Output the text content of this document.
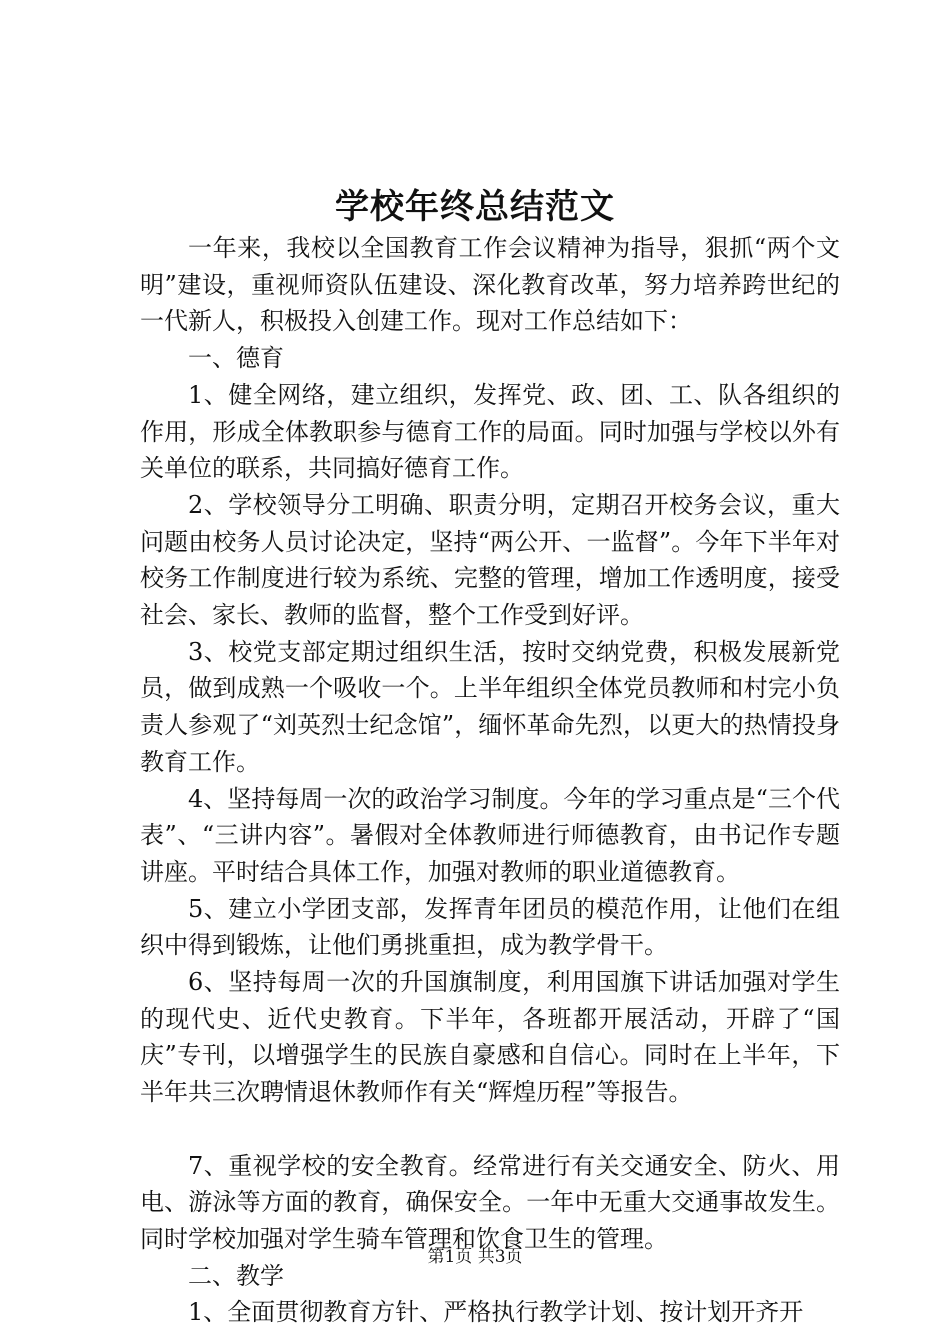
学校年终总结范文

一年来，我校以全国教育工作会议精神为指导，狠抓“两个文明”建设，重视师资队伍建设、深化教育改革，努力培养跨世纪的一代新人，积极投入创建工作。现对工作总结如下：

一、德育

1、健全网络，建立组织，发挥党、政、团、工、队各组织的作用，形成全体教职参与德育工作的局面。同时加强与学校以外有关单位的联系，共同搞好德育工作。

2、学校领导分工明确、职责分明，定期召开校务会议，重大问题由校务人员讨论决定，坚持“两公开、一监督”。今年下半年对校务工作制度进行较为系统、完整的管理，增加工作透明度，接受社会、家长、教师的监督，整个工作受到好评。

3、校党支部定期过组织生活，按时交纳党费，积极发展新党员，做到成熟一个吸收一个。上半年组织全体党员教师和村完小负责人参观了“刘英烈士纪念馆”，缅怀革命先烈，以更大的热情投身教育工作。

4、坚持每周一次的政治学习制度。今年的学习重点是“三个代表”、“三讲内容”。暑假对全体教师进行师德教育，由书记作专题讲座。平时结合具体工作，加强对教师的职业道德教育。

5、建立小学团支部，发挥青年团员的模范作用，让他们在组织中得到锻炼，让他们勇挑重担，成为教学骨干。

6、坚持每周一次的升国旗制度，利用国旗下讲话加强对学生的现代史、近代史教育。下半年，各班都开展活动，开辟了“国庆”专刊，以增强学生的民族自豪感和自信心。同时在上半年，下半年共三次聘情退休教师作有关“辉煌历程”等报告。

7、重视学校的安全教育。经常进行有关交通安全、防火、用电、游泳等方面的教育，确保安全。一年中无重大交通事故发生。同时学校加强对学生骑车管理和饮食卫生的管理。

二、教学

1、全面贯彻教育方针、严格执行教学计划、按计划开齐开

第1页 共3页
